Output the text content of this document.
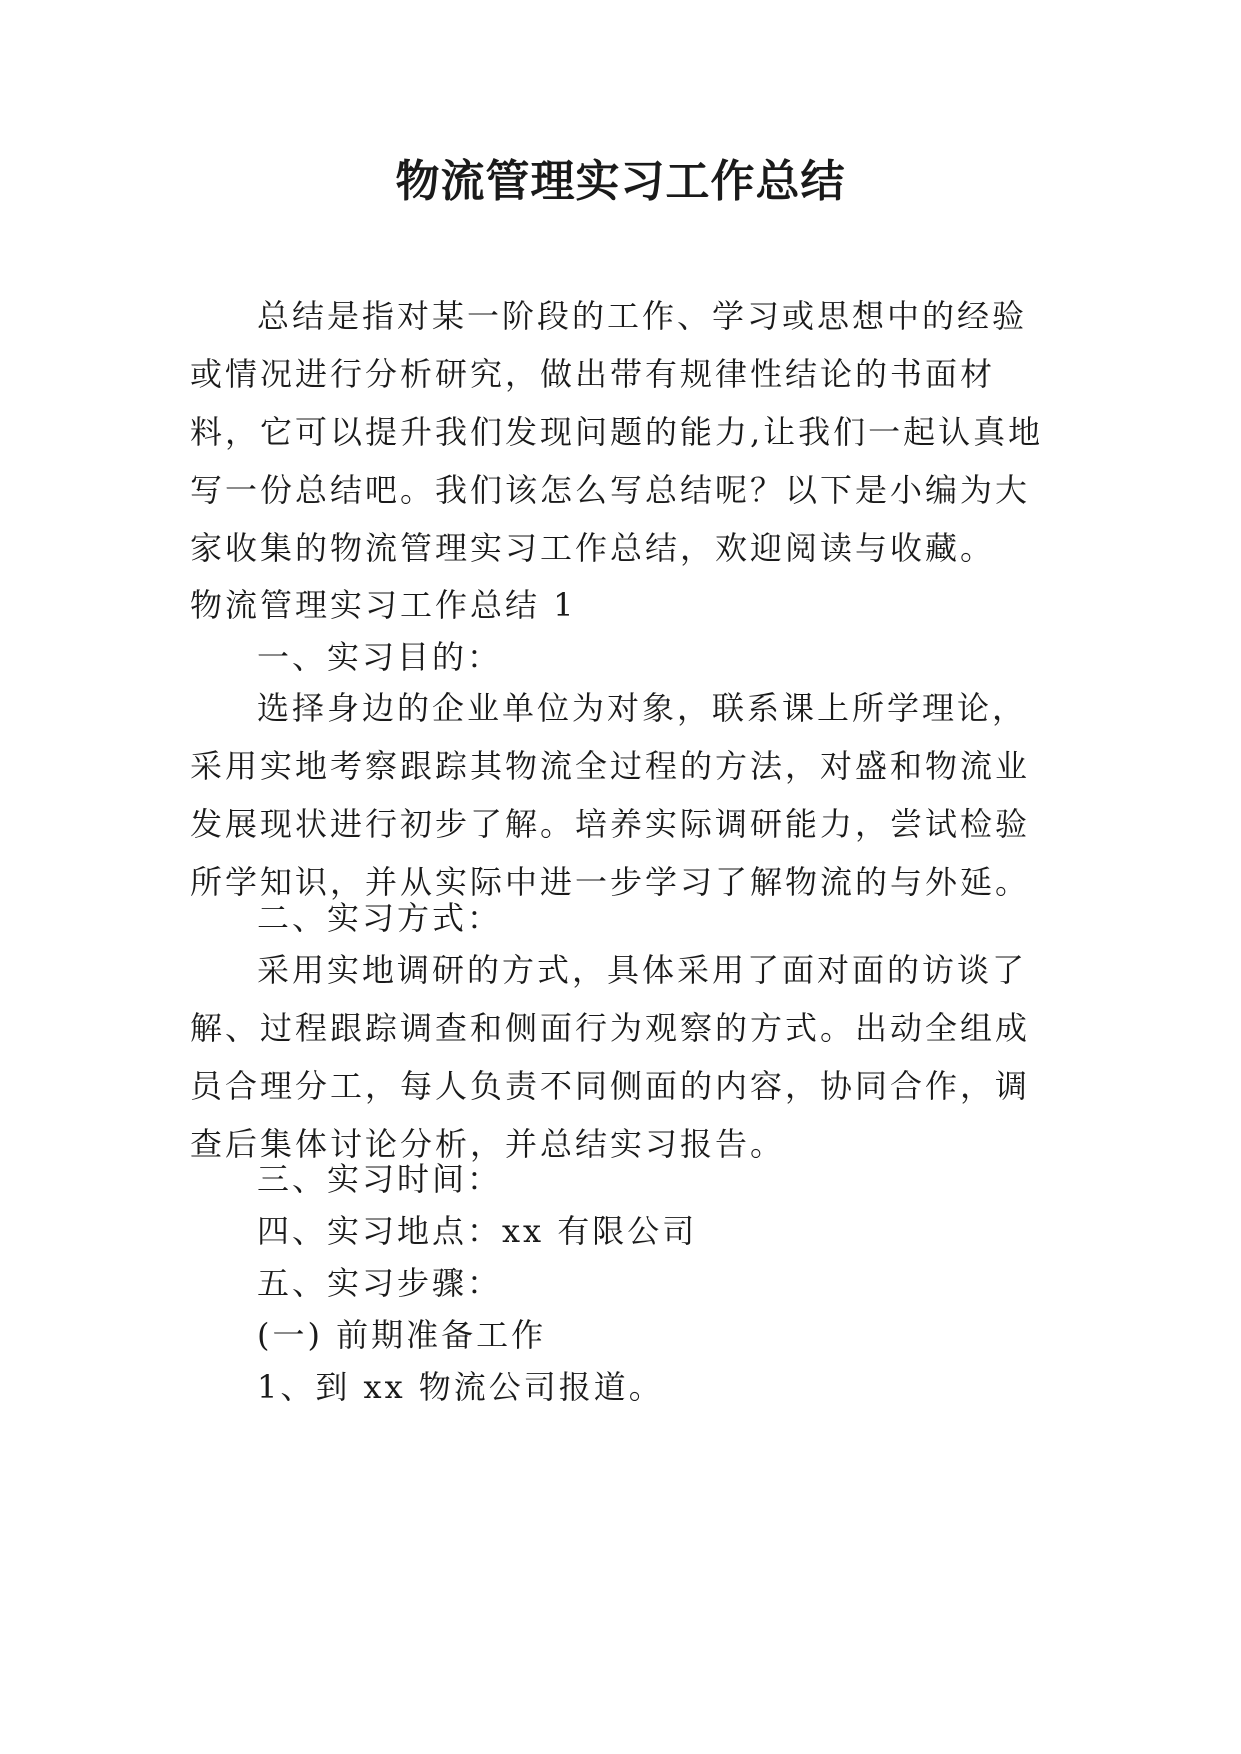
物流管理实习工作总结
总结是指对某一阶段的工作、学习或思想中的经验或情况进行分析研究，做出带有规律性结论的书面材料，它可以提升我们发现问题的能力,让我们一起认真地写一份总结吧。我们该怎么写总结呢？以下是小编为大家收集的物流管理实习工作总结，欢迎阅读与收藏。
物流管理实习工作总结 1
一、实习目的：
选择身边的企业单位为对象，联系课上所学理论，采用实地考察跟踪其物流全过程的方法，对盛和物流业发展现状进行初步了解。培养实际调研能力，尝试检验所学知识，并从实际中进一步学习了解物流的与外延。
二、实习方式：
采用实地调研的方式，具体采用了面对面的访谈了解、过程跟踪调查和侧面行为观察的方式。出动全组成员合理分工，每人负责不同侧面的内容，协同合作，调查后集体讨论分析，并总结实习报告。
三、实习时间：
四、实习地点：xx 有限公司
五、实习步骤：
(一) 前期准备工作
1、到 xx 物流公司报道。
